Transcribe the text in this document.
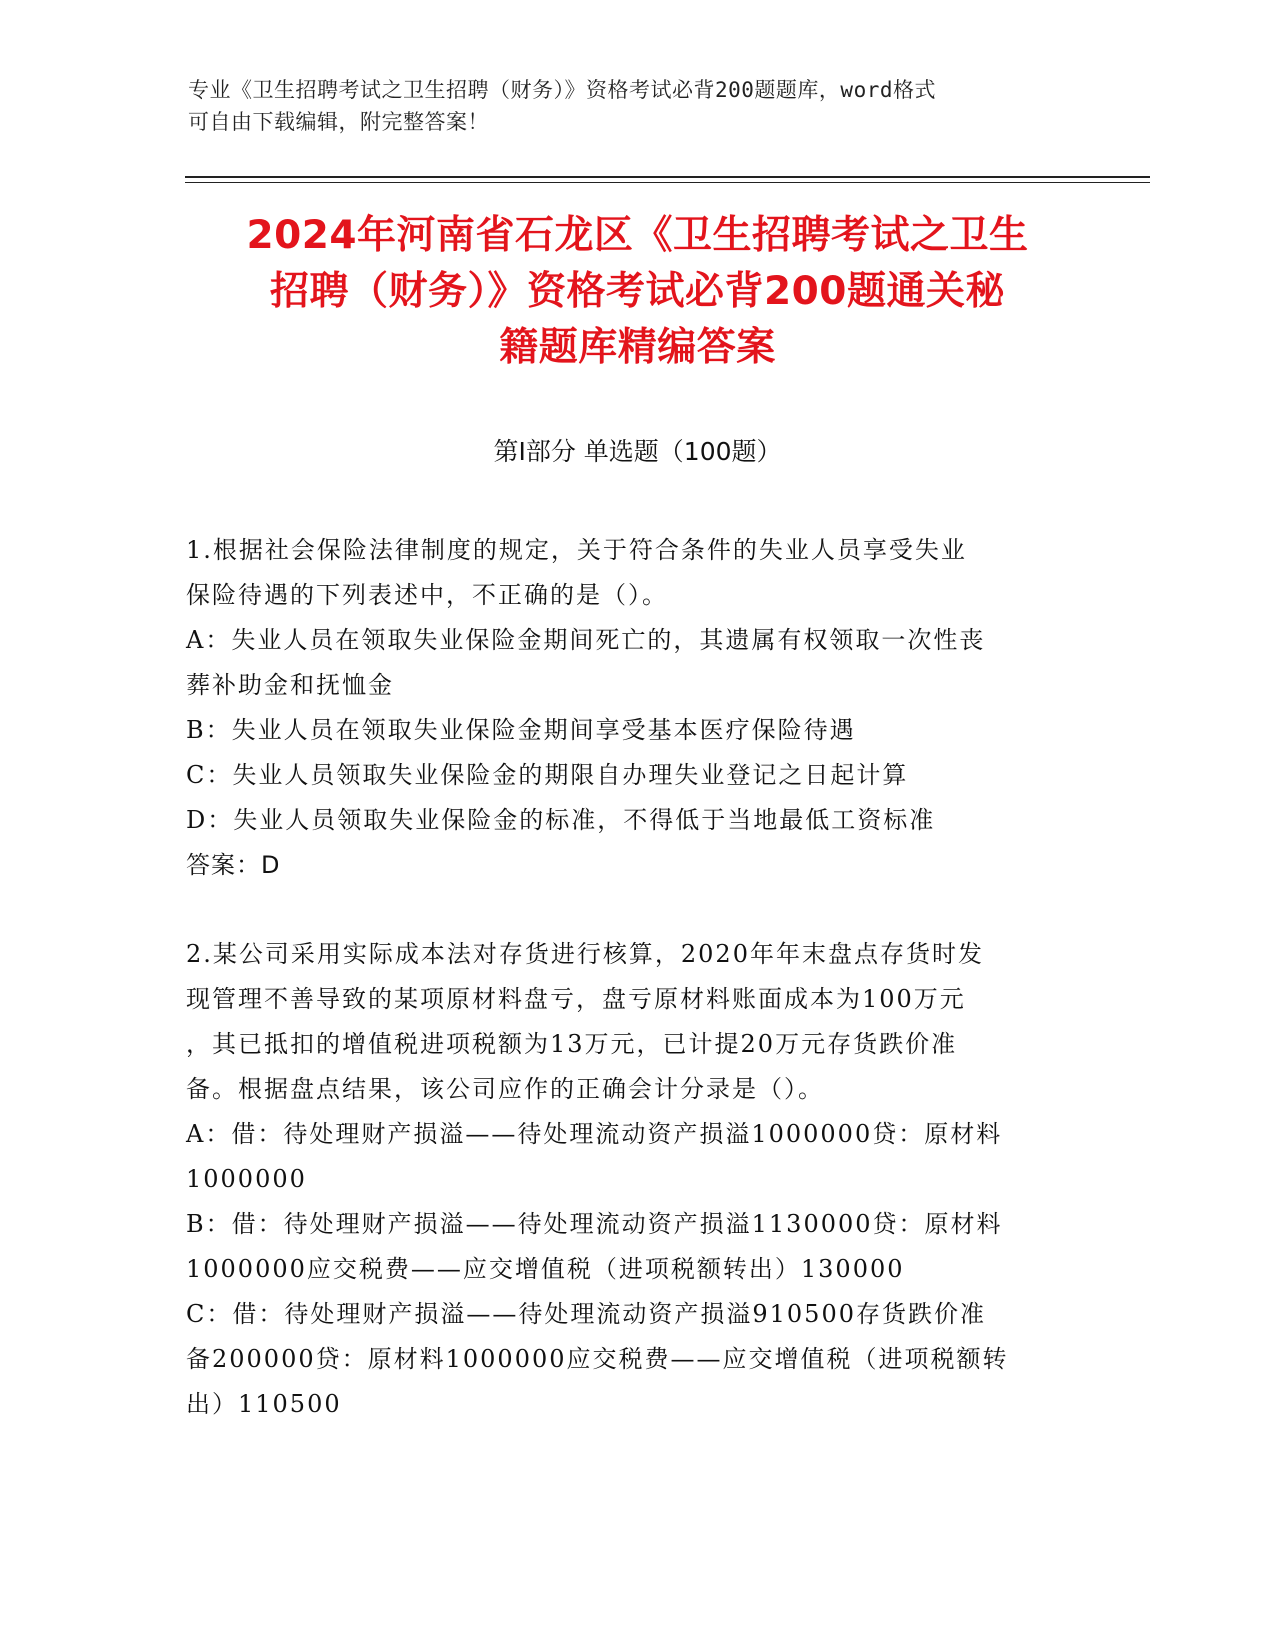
专业《卫生招聘考试之卫生招聘（财务）》资格考试必背200题题库，word格式
可自由下载编辑，附完整答案！
2024年河南省石龙区《卫生招聘考试之卫生
招聘（财务）》资格考试必背200题通关秘
籍题库精编答案
第Ⅰ部分 单选题（100题）
1.根据社会保险法律制度的规定，关于符合条件的失业人员享受失业
保险待遇的下列表述中，不正确的是（）。
A：失业人员在领取失业保险金期间死亡的，其遗属有权领取一次性丧
葬补助金和抚恤金
B：失业人员在领取失业保险金期间享受基本医疗保险待遇
C：失业人员领取失业保险金的期限自办理失业登记之日起计算
D：失业人员领取失业保险金的标准，不得低于当地最低工资标准
答案：D
2.某公司采用实际成本法对存货进行核算，2020年年末盘点存货时发
现管理不善导致的某项原材料盘亏，盘亏原材料账面成本为100万元
，其已抵扣的增值税进项税额为13万元，已计提20万元存货跌价准
备。根据盘点结果，该公司应作的正确会计分录是（）。
A：借：待处理财产损溢——待处理流动资产损溢1000000贷：原材料
1000000
B：借：待处理财产损溢——待处理流动资产损溢1130000贷：原材料
1000000应交税费——应交增值税（进项税额转出）130000
C：借：待处理财产损溢——待处理流动资产损溢910500存货跌价准
备200000贷：原材料1000000应交税费——应交增值税（进项税额转
出）110500
